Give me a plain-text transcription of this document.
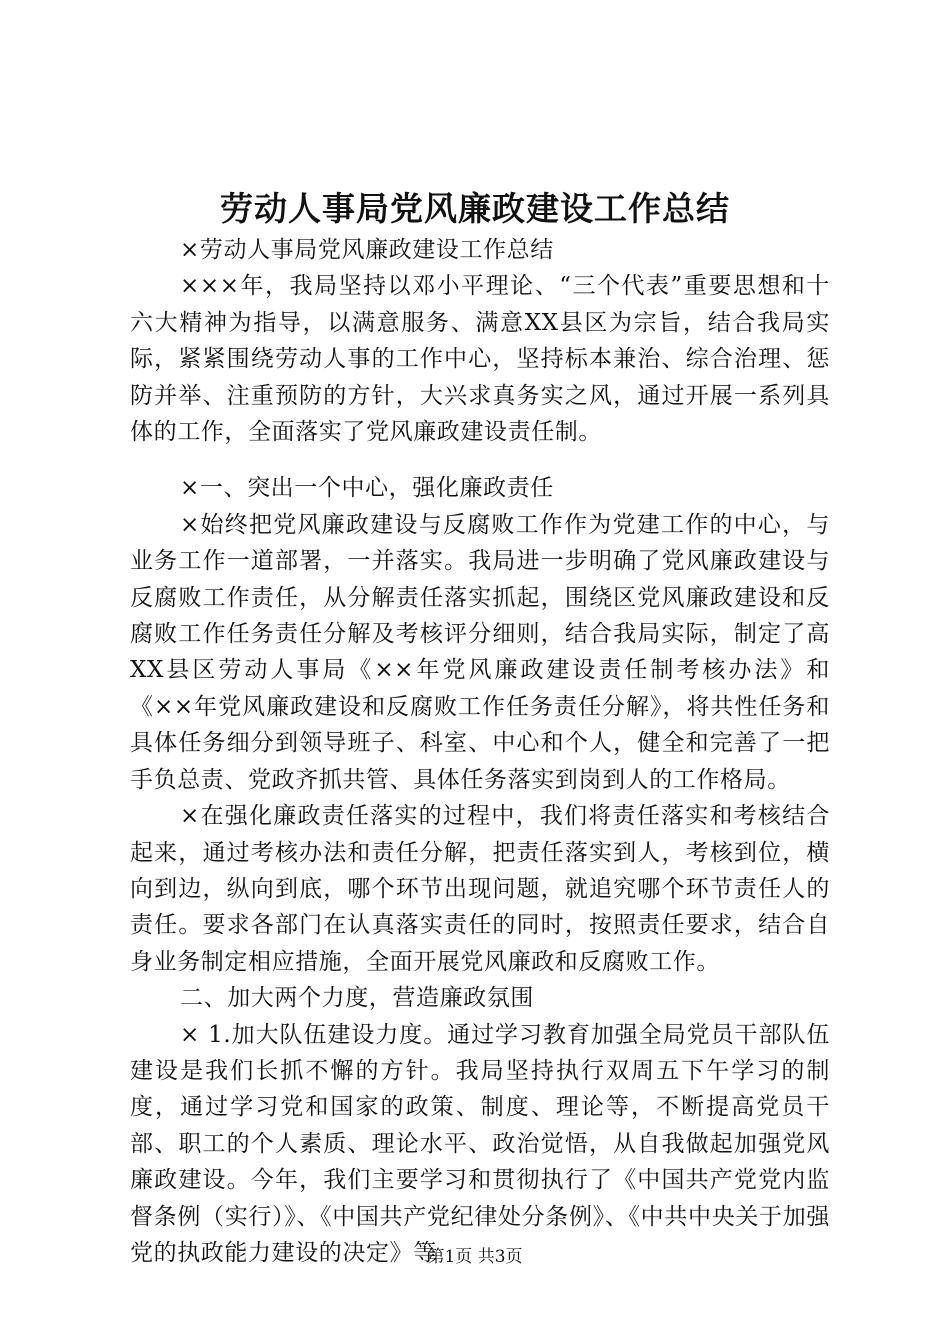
劳动人事局党风廉政建设工作总结

×劳动人事局党风廉政建设工作总结

×××年，我局坚持以邓小平理论、“三个代表”重要思想和十六大精神为指导，以满意服务、满意XX县区为宗旨，结合我局实际，紧紧围绕劳动人事的工作中心，坚持标本兼治、综合治理、惩防并举、注重预防的方针，大兴求真务实之风，通过开展一系列具体的工作，全面落实了党风廉政建设责任制。

×一、突出一个中心，强化廉政责任

×始终把党风廉政建设与反腐败工作作为党建工作的中心，与业务工作一道部署，一并落实。我局进一步明确了党风廉政建设与反腐败工作责任，从分解责任落实抓起，围绕区党风廉政建设和反腐败工作任务责任分解及考核评分细则，结合我局实际，制定了高XX县区劳动人事局《××年党风廉政建设责任制考核办法》和《××年党风廉政建设和反腐败工作任务责任分解》，将共性任务和具体任务细分到领导班子、科室、中心和个人，健全和完善了一把手负总责、党政齐抓共管、具体任务落实到岗到人的工作格局。

×在强化廉政责任落实的过程中，我们将责任落实和考核结合起来，通过考核办法和责任分解，把责任落实到人，考核到位，横向到边，纵向到底，哪个环节出现问题，就追究哪个环节责任人的责任。要求各部门在认真落实责任的同时，按照责任要求，结合自身业务制定相应措施，全面开展党风廉政和反腐败工作。

二、加大两个力度，营造廉政氛围

× 1.加大队伍建设力度。通过学习教育加强全局党员干部队伍建设是我们长抓不懈的方针。我局坚持执行双周五下午学习的制度，通过学习党和国家的政策、制度、理论等，不断提高党员干部、职工的个人素质、理论水平、政治觉悟，从自我做起加强党风廉政建设。今年，我们主要学习和贯彻执行了《中国共产党党内监督条例（实行）》、《中国共产党纪律处分条例》、《中共中央关于加强党的执政能力建设的决定》等

第1页 共3页
